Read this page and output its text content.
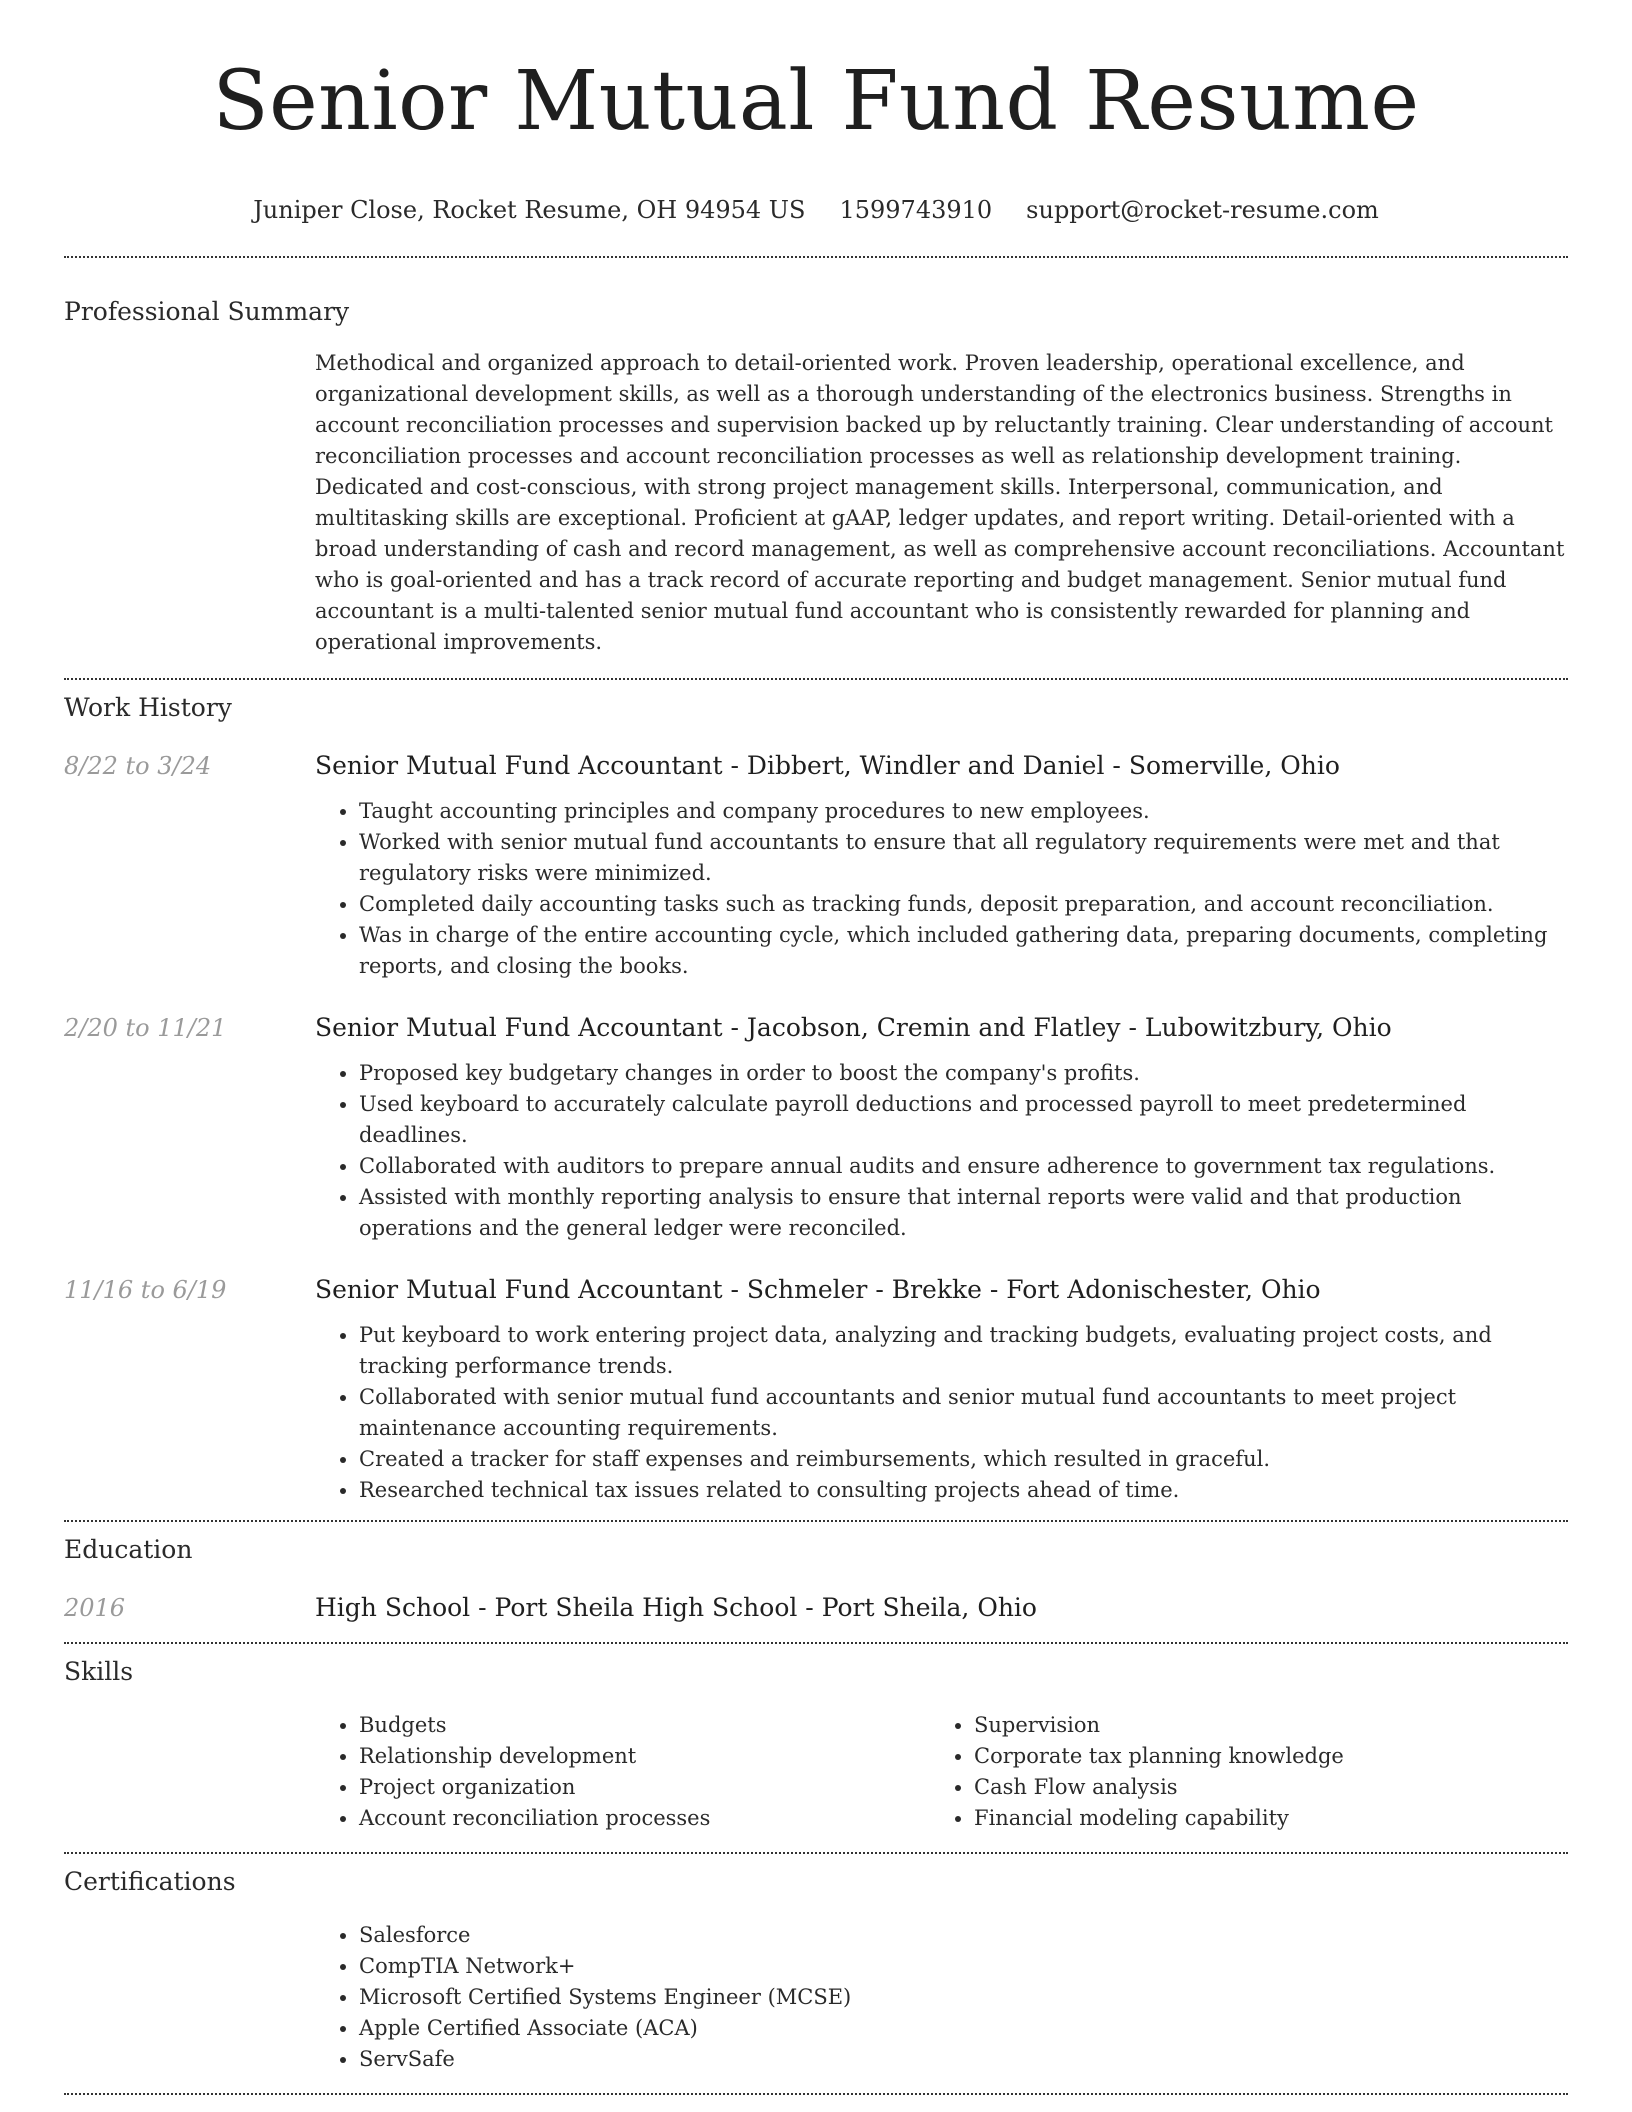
Senior Mutual Fund Resume
Juniper Close, Rocket Resume, OH 94954 US 1599743910 support@rocket-resume.com
Professional Summary

Methodical and organized approach to detail-oriented work. Proven leadership, operational excellence, and organizational development skills, as well as a thorough understanding of the electronics business. Strengths in account reconciliation processes and supervision backed up by reluctantly training. Clear understanding of account reconciliation processes and account reconciliation processes as well as relationship development training. Dedicated and cost-conscious, with strong project management skills. Interpersonal, communication, and multitasking skills are exceptional. Proficient at gAAP, ledger updates, and report writing. Detail-oriented with a broad understanding of cash and record management, as well as comprehensive account reconciliations. Accountant who is goal-oriented and has a track record of accurate reporting and budget management. Senior mutual fund accountant is a multi-talented senior mutual fund accountant who is consistently rewarded for planning and operational improvements.

Work History
8/22 to 3/24	Senior Mutual Fund Accountant - Dibbert, Windler and Daniel - Somerville, Ohio
• Taught accounting principles and company procedures to new employees.
• Worked with senior mutual fund accountants to ensure that all regulatory requirements were met and that regulatory risks were minimized.
• Completed daily accounting tasks such as tracking funds, deposit preparation, and account reconciliation.
• Was in charge of the entire accounting cycle, which included gathering data, preparing documents, completing reports, and closing the books.
2/20 to 11/21	Senior Mutual Fund Accountant - Jacobson, Cremin and Flatley - Lubowitzbury, Ohio
• Proposed key budgetary changes in order to boost the company's profits.
• Used keyboard to accurately calculate payroll deductions and processed payroll to meet predetermined deadlines.
• Collaborated with auditors to prepare annual audits and ensure adherence to government tax regulations.
• Assisted with monthly reporting analysis to ensure that internal reports were valid and that production operations and the general ledger were reconciled.
11/16 to 6/19	Senior Mutual Fund Accountant - Schmeler - Brekke - Fort Adonischester, Ohio
• Put keyboard to work entering project data, analyzing and tracking budgets, evaluating project costs, and tracking performance trends.
• Collaborated with senior mutual fund accountants and senior mutual fund accountants to meet project maintenance accounting requirements.
• Created a tracker for staff expenses and reimbursements, which resulted in graceful.
• Researched technical tax issues related to consulting projects ahead of time.
Education
2016	High School - Port Sheila High School - Port Sheila, Ohio
Skills
• Budgets
• Relationship development
• Project organization
• Account reconciliation processes
• Supervision
• Corporate tax planning knowledge
• Cash Flow analysis
• Financial modeling capability
Certifications
• Salesforce
• CompTIA Network+
• Microsoft Certified Systems Engineer (MCSE)
• Apple Certified Associate (ACA)
• ServSafe
